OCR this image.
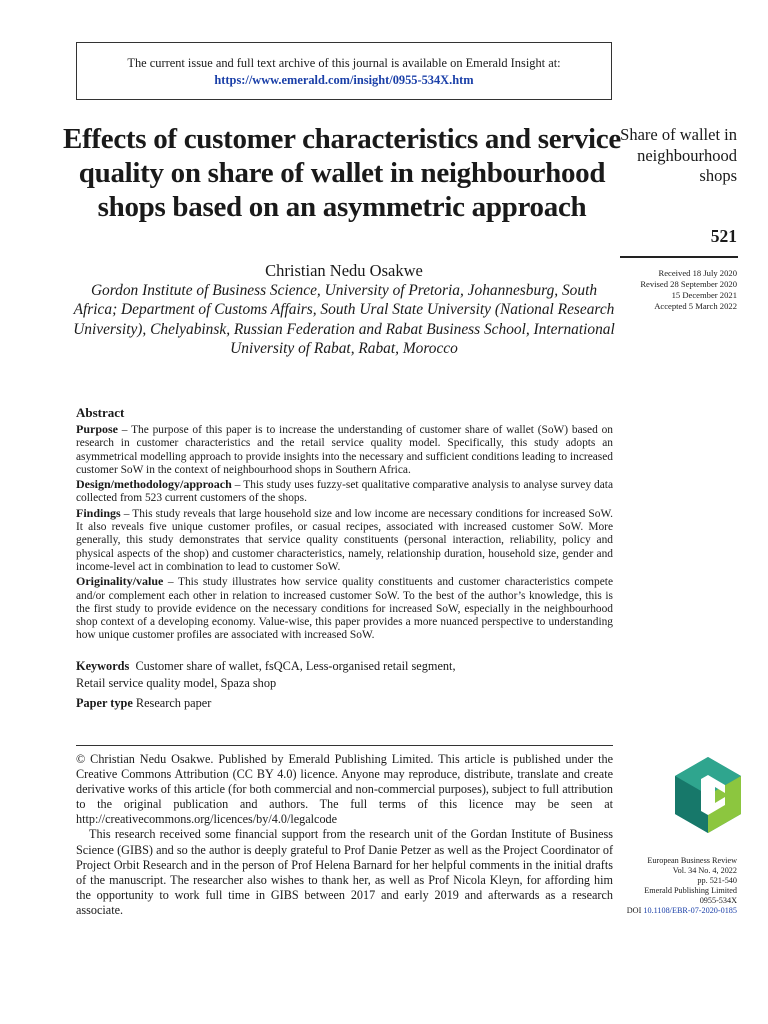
The current issue and full text archive of this journal is available on Emerald Insight at:
https://www.emerald.com/insight/0955-534X.htm
Effects of customer characteristics and service quality on share of wallet in neighbourhood shops based on an asymmetric approach
Christian Nedu Osakwe
Gordon Institute of Business Science, University of Pretoria, Johannesburg, South Africa; Department of Customs Affairs, South Ural State University (National Research University), Chelyabinsk, Russian Federation and Rabat Business School, International University of Rabat, Rabat, Morocco
Share of wallet in neighbourhood shops
521
Received 18 July 2020
Revised 28 September 2020
15 December 2021
Accepted 5 March 2022
Abstract

Purpose – The purpose of this paper is to increase the understanding of customer share of wallet (SoW) based on research in customer characteristics and the retail service quality model. Specifically, this study adopts an asymmetrical modelling approach to provide insights into the necessary and sufficient conditions leading to increased customer SoW in the context of neighbourhood shops in Southern Africa.

Design/methodology/approach – This study uses fuzzy-set qualitative comparative analysis to analyse survey data collected from 523 current customers of the shops.

Findings – This study reveals that large household size and low income are necessary conditions for increased SoW. It also reveals five unique customer profiles, or casual recipes, associated with increased customer SoW. More generally, this study demonstrates that service quality constituents (personal interaction, reliability, policy and physical aspects of the shop) and customer characteristics, namely, relationship duration, household size, gender and income-level act in combination to lead to customer SoW.

Originality/value – This study illustrates how service quality constituents and customer characteristics compete and/or complement each other in relation to increased customer SoW. To the best of the author’s knowledge, this is the first study to provide evidence on the necessary conditions for increased SoW, especially in the neighbourhood shop context of a developing economy. Value-wise, this paper provides a more nuanced perspective to understanding how unique customer profiles are associated with increased SoW.

Keywords Customer share of wallet, fsQCA, Less-organised retail segment,
Retail service quality model, Spaza shop
Paper type Research paper

© Christian Nedu Osakwe. Published by Emerald Publishing Limited. This article is published under the Creative Commons Attribution (CC BY 4.0) licence. Anyone may reproduce, distribute, translate and create derivative works of this article (for both commercial and non-commercial purposes), subject to full attribution to the original publication and authors. The full terms of this licence may be seen at http://creativecommons.org/licences/by/4.0/legalcode

This research received some financial support from the research unit of the Gordan Institute of Business Science (GIBS) and so the author is deeply grateful to Prof Danie Petzer as well as the Project Coordinator of Project Orbit Research and in the person of Prof Helena Barnard for her helpful comments in the initial drafts of the manuscript. The researcher also wishes to thank her, as well as Prof Nicola Kleyn, for affording him the opportunity to work full time in GIBS between 2017 and early 2019 and afterwards as a research associate.

European Business Review
Vol. 34 No. 4, 2022
pp. 521-540
Emerald Publishing Limited
0955-534X
DOI 10.1108/EBR-07-2020-0185
